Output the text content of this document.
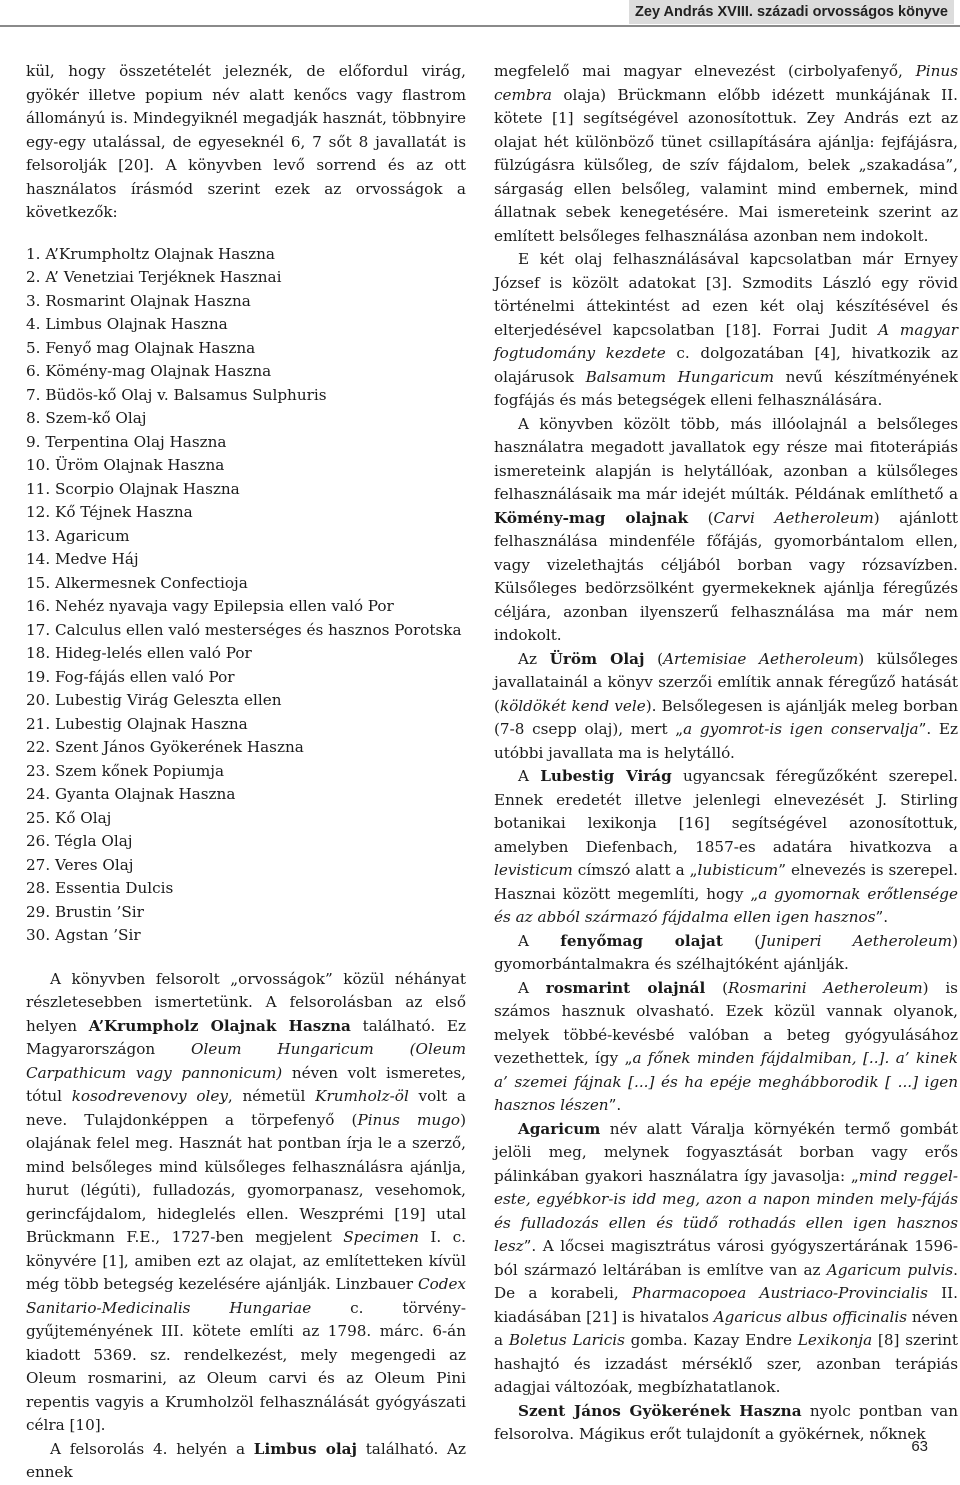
Zey András XVIII. századi orvosságos könyve

kül, hogy összetételét jeleznék, de előfordul virág, gyökér illetve popium név alatt kenőcs vagy flastrom állományú is. Mindegyiknél megadják hasznát, többnyire egy-egy utalással, de egyeseknél 6, 7 sőt 8 javallatát is felsorolják [20]. A könyvben levő sorrend és az ott használatos írásmód szerint ezek az orvosságok a következők:

1. A’Krumpholtz Olajnak Haszna
2. A’ Venetziai Terjéknek Hasznai
3. Rosmarint Olajnak Haszna
4. Limbus Olajnak Haszna
5. Fenyő mag Olajnak Haszna
6. Kömény-mag Olajnak Haszna
7. Büdös-kő Olaj v. Balsamus Sulphuris
8. Szem-kő Olaj
9. Terpentina Olaj Haszna
10. Üröm Olajnak Haszna
11. Scorpio Olajnak Haszna
12. Kő Téjnek Haszna
13. Agaricum
14. Medve Háj
15. Alkermesnek Confectioja
16. Nehéz nyavaja vagy Epilepsia ellen való Por
17. Calculus ellen való mesterséges és hasznos Porotska
18. Hideg-lelés ellen való Por
19. Fog-fájás ellen való Por
20. Lubestig Virág Geleszta ellen
21. Lubestig Olajnak Haszna
22. Szent János Gyökerének Haszna
23. Szem kőnek Popiumja
24. Gyanta Olajnak Haszna
25. Kő Olaj
26. Tégla Olaj
27. Veres Olaj
28. Essentia Dulcis
29. Brustin ’Sir
30. Agstan ’Sir

A könyvben felsorolt „orvosságok” közül néhányat részletesebben ismertetünk. A felsorolásban az első helyen A’Krumpholz Olajnak Haszna található. Ez Magyarországon Oleum Hungaricum (Oleum Carpathicum vagy pannonicum) néven volt ismeretes, tótul kosodrevenovy oley, németül Krumholz-öl volt a neve. Tulajdonképpen a törpefenyő (Pinus mugo) olajának felel meg. Hasznát hat pontban írja le a szerző, mind belsőleges mind külsőleges felhasználásra ajánlja, hurut (légúti), fulladozás, gyomorpanasz, vesehomok, gerincfájdalom, hideglelés ellen. Weszprémi [19] utal Brückmann F.E., 1727-ben megjelent Specimen I. c. könyvére [1], amiben ezt az olajat, az említetteken kívül még több betegség kezelésére ajánlják. Linzbauer Codex Sanitario-Medicinalis Hungariae c. törvény-gyűjteményének III. kötete említi az 1798. márc. 6-án kiadott 5369. sz. rendelkezést, mely megengedi az Oleum rosmarini, az Oleum carvi és az Oleum Pini repentis vagyis a Krumholzöl felhasználását gyógyászati célra [10].

A felsorolás 4. helyén a Limbus olaj található. Az ennek

megfelelő mai magyar elnevezést (cirbolyafenyő, Pinus cembra olaja) Brückmann előbb idézett munkájának II. kötete [1] segítségével azonosítottuk. Zey András ezt az olajat hét különböző tünet csillapítására ajánlja: fejfájásra, fülzúgásra külsőleg, de szív fájdalom, belek „szakadása”, sárgaság ellen belsőleg, valamint mind embernek, mind állatnak sebek kenegetésére. Mai ismereteink szerint az említett belsőleges felhasználása azonban nem indokolt.

E két olaj felhasználásával kapcsolatban már Ernyey József is közölt adatokat [3]. Szmodits László egy rövid történelmi áttekintést ad ezen két olaj készítésével és elterjedésével kapcsolatban [18]. Forrai Judit A magyar fogtudomány kezdete c. dolgozatában [4], hivatkozik az olajárusok Balsamum Hungaricum nevű készítményének fogfájás és más betegségek elleni felhasználására.

A könyvben közölt több, más illóolajnál a belsőleges használatra megadott javallatok egy része mai fitoterápiás ismereteink alapján is helytállóak, azonban a külsőleges felhasználásaik ma már idejét múlták. Példának említhető a Kömény-mag olajnak (Carvi Aetheroleum) ajánlott felhasználása mindenféle főfájás, gyomorbántalom ellen, vagy vizelethajtás céljából borban vagy rózsavízben. Külsőleges bedörzsölként gyermekeknek ajánlja féregűzés céljára, azonban ilyenszerű felhasználása ma már nem indokolt.

Az Üröm Olaj (Artemisiae Aetheroleum) külsőleges javallatainál a könyv szerzői említik annak féregűző hatását (köldökét kend vele). Belsőlegesen is ajánlják meleg borban (7-8 csepp olaj), mert „a gyomrot-is igen conservalja”. Ez utóbbi javallata ma is helytálló.

A Lubestig Virág ugyancsak féregűzőként szerepel. Ennek eredetét illetve jelenlegi elnevezését J. Stirling botanikai lexikonja [16] segítségével azonosítottuk, amelyben Diefenbach, 1857-es adatára hivatkozva a levisticum címszó alatt a „lubisticum” elnevezés is szerepel. Hasznai között megemlíti, hogy „a gyomornak erőtlensége és az abból származó fájdalma ellen igen hasznos”.

A fenyőmag olajat (Juniperi Aetheroleum) gyomorbántalmakra és szélhajtóként ajánlják.

A rosmarint olajnál (Rosmarini Aetheroleum) is számos hasznuk olvasható. Ezek közül vannak olyanok, melyek többé-kevésbé valóban a beteg gyógyulásához vezethettek, így „a főnek minden fájdalmiban, [..]. a’ kinek a’ szemei fájnak [...] és ha epéje meghábborodik [ ...] igen hasznos lészen”.

Agaricum név alatt Váralja környékén termő gombát jelöli meg, melynek fogyasztását borban vagy erős pálinkában gyakori használatra így javasolja: „mind reggel-este, egyébkor-is idd meg, azon a napon minden mely-fájás és fulladozás ellen és tüdő rothadás ellen igen hasznos lesz”. A lőcsei magisztrátus városi gyógyszertárának 1596-ból származó leltárában is említve van az Agaricum pulvis. De a korabeli, Pharmacopoea Austriaco-Provincialis II. kiadásában [21] is hivatalos Agaricus albus officinalis néven a Boletus Laricis gomba. Kazay Endre Lexikonja [8] szerint hashajtó és izzadást mérséklő szer, azonban terápiás adagjai változóak, megbízhatatlanok.

Szent János Gyökerének Haszna nyolc pontban van felsorolva. Mágikus erőt tulajdonít a gyökérnek, nőknek

63
